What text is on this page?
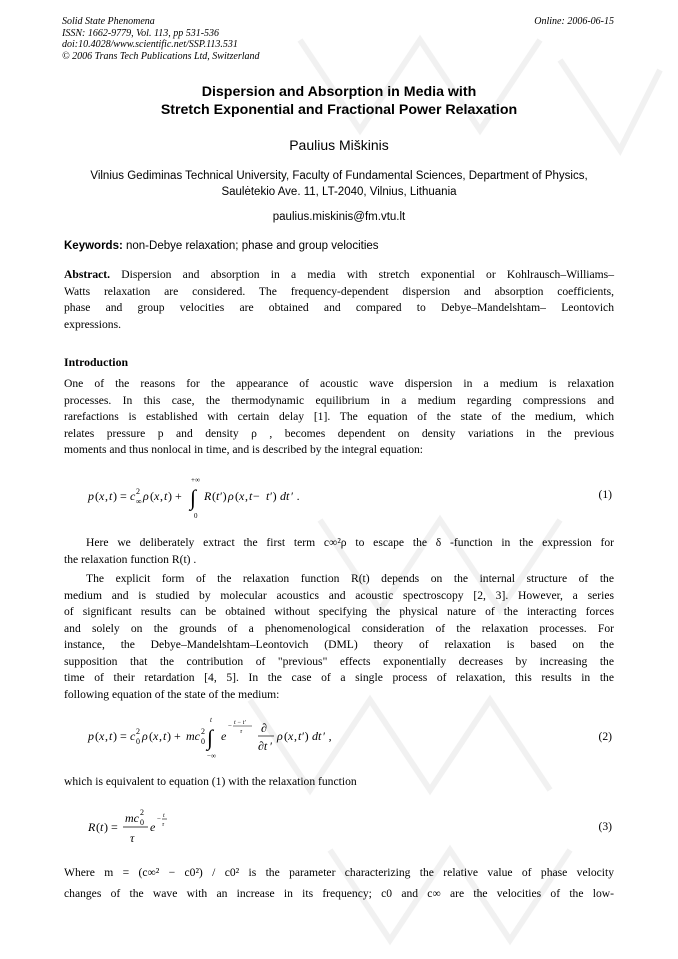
Solid State Phenomena
ISSN: 1662-9779, Vol. 113, pp 531-536
doi:10.4028/www.scientific.net/SSP.113.531
© 2006 Trans Tech Publications Ltd, Switzerland
Online: 2006-06-15
Dispersion and Absorption in Media with
Stretch Exponential and Fractional Power Relaxation
Paulius Miškinis
Vilnius Gediminas Technical University, Faculty of Fundamental Sciences, Department of Physics,
Saulėtekio Ave. 11, LT-2040, Vilnius, Lithuania
paulius.miskinis@fm.vtu.lt
Keywords: non-Debye relaxation; phase and group velocities
Abstract. Dispersion and absorption in a media with stretch exponential or Kohlrausch–Williams–
Watts relaxation are considered. The frequency-dependent dispersion and absorption coefficients,
phase and group velocities are obtained and compared to Debye–Mandelshtam– Leontovich
expressions.
Introduction
One of the reasons for the appearance of acoustic wave dispersion in a medium is relaxation
processes. In this case, the thermodynamic equilibrium in a medium regarding compressions and
rarefactions is established with certain delay [1]. The equation of the state of the medium, which
relates pressure p and density ρ , becomes dependent on density variations in the previous
moments and thus nonlocal in time, and is described by the integral equation:
p ( x , t ) = c 2
∞ ρ ( x , t ) +
+∞
∫
0
R ( t ′) ρ ( x , t − t ′) dt ′ .	(1)
Here we deliberately extract the first term c∞²ρ to escape the δ -function in the expression for
the relaxation function R(t) .
The explicit form of the relaxation function R(t) depends on the internal structure of the
medium and is studied by molecular acoustics and acoustic spectroscopy [2, 3]. However, a series
of significant results can be obtained without specifying the physical nature of the interacting forces
and solely on the grounds of a phenomenological consideration of the relaxation processes. For
instance, the Debye–Mandelshtam–Leontovich (DML) theory of relaxation is based on the
supposition that the contribution of "previous" effects exponentially decreases by increasing the
time of their retardation [4, 5]. In the case of a single process of relaxation, this results in the
following equation of the state of the medium:
p ( x , t ) = c 2
0 ρ ( x , t ) + mc 2
0
t
∫
−∞
e
− t − t′
τ ∂
∂t ′
ρ ( x , t ′) dt ′ ,	(2)
which is equivalent to equation (1) with the relaxation function
R ( t ) =
mc 2
0
τ
e
− t
τ	(3)
Where m = (c∞² − c0²) / c0² is the parameter characterizing the relative value of phase velocity
changes of the wave with an increase in its frequency; c0 and c∞ are the velocities of the low-
